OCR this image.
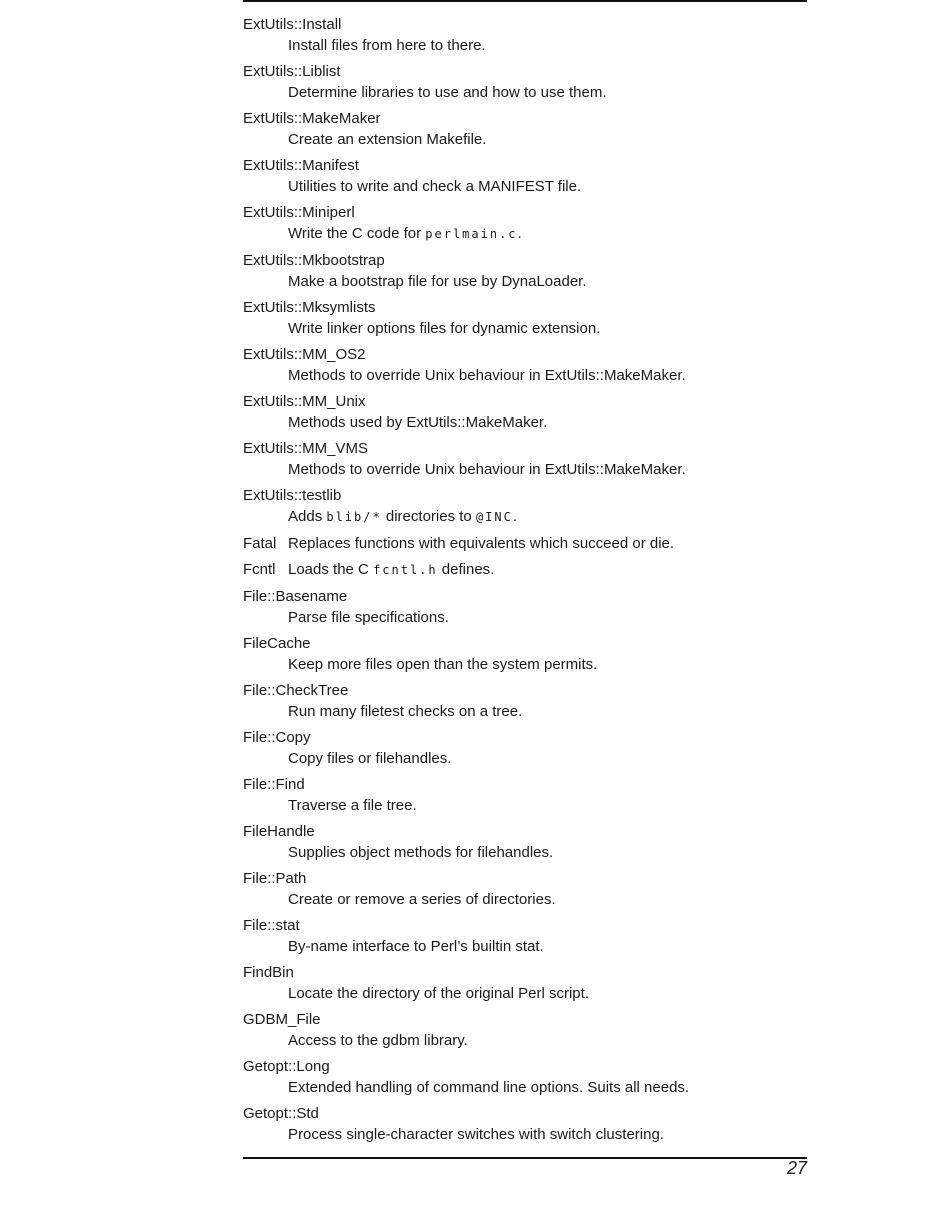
ExtUtils::Install
Install files from here to there.
ExtUtils::Liblist
Determine libraries to use and how to use them.
ExtUtils::MakeMaker
Create an extension Makefile.
ExtUtils::Manifest
Utilities to write and check a MANIFEST file.
ExtUtils::Miniperl
Write the C code for perlmain.c.
ExtUtils::Mkbootstrap
Make a bootstrap file for use by DynaLoader.
ExtUtils::Mksymlists
Write linker options files for dynamic extension.
ExtUtils::MM_OS2
Methods to override Unix behaviour in ExtUtils::MakeMaker.
ExtUtils::MM_Unix
Methods used by ExtUtils::MakeMaker.
ExtUtils::MM_VMS
Methods to override Unix behaviour in ExtUtils::MakeMaker.
ExtUtils::testlib
Adds blib/* directories to @INC.
Fatal Replaces functions with equivalents which succeed or die.
Fcntl Loads the C fcntl.h defines.
File::Basename
Parse file specifications.
FileCache
Keep more files open than the system permits.
File::CheckTree
Run many filetest checks on a tree.
File::Copy
Copy files or filehandles.
File::Find
Traverse a file tree.
FileHandle
Supplies object methods for filehandles.
File::Path
Create or remove a series of directories.
File::stat
By-name interface to Perl’s builtin stat.
FindBin
Locate the directory of the original Perl script.
GDBM_File
Access to the gdbm library.
Getopt::Long
Extended handling of command line options. Suits all needs.
Getopt::Std
Process single-character switches with switch clustering.
27
